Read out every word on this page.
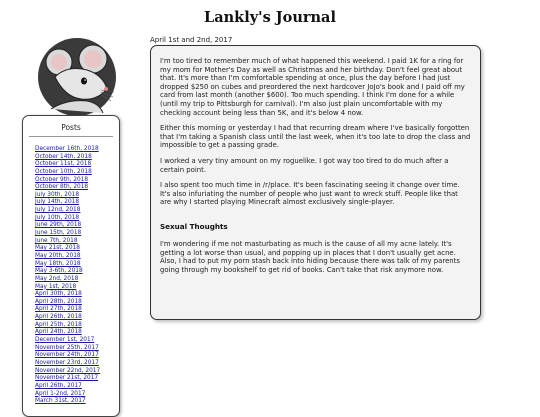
Lankly's Journal
Posts
December 16th, 2018
October 14th, 2018
October 11st, 2018
October 10th, 2018
October 9th, 2018
October 8th, 2018
July 30th, 2018
July 14th, 2018
July 12nd, 2018
July 10th, 2018
June 29th, 2018
June 15th, 2018
June 7th, 2018
May 21st, 2018
May 20th, 2018
May 18th, 2018
May 3-6th, 2018
May 2nd, 2018
May 1st, 2018
April 30th, 2018
April 28th, 2018
April 27th, 2018
April 26th, 2018
April 25th, 2018
April 24th, 2018
December 1st, 2017
November 25th, 2017
November 24th, 2017
November 23rd, 2017
November 22nd, 2017
November 21st, 2017
April 26th, 2017
April 1-2nd, 2017
March 31st, 2017
April 1st and 2nd, 2017

I'm too tired to remember much of what happened this weekend. I paid 1K for a ring for my mom for Mother's Day as well as Christmas and her birthday. Don't feel great about that. It's more than I'm comfortable spending at once, plus the day before I had just dropped $250 on cubes and preordered the next hardcover JoJo's book and I paid off my card from last month (another $600). Too much spending. I think I'm done for a while (until my trip to Pittsburgh for carnival). I'm also just plain uncomfortable with my checking account being less than 5K, and it's below 4 now.

Either this morning or yesterday I had that recurring dream where I've basically forgotten that I'm taking a Spanish class until the last week, when it's too late to drop the class and impossible to get a passing grade.

I worked a very tiny amount on my roguelike. I got way too tired to do much after a certain point.

I also spent too much time in /r/place. It's been fascinating seeing it change over time. It's also infuriating the number of people who just want to wreck stuff. People like that are why I started playing Minecraft almost exclusively single-player.

Sexual Thoughts

I'm wondering if me not masturbating as much is the cause of all my acne lately. It's getting a lot worse than usual, and popping up in places that I don't usually get acne. Also, I had to put my porn stash back into hiding because there was talk of my parents going through my bookshelf to get rid of books. Can't take that risk anymore now.
